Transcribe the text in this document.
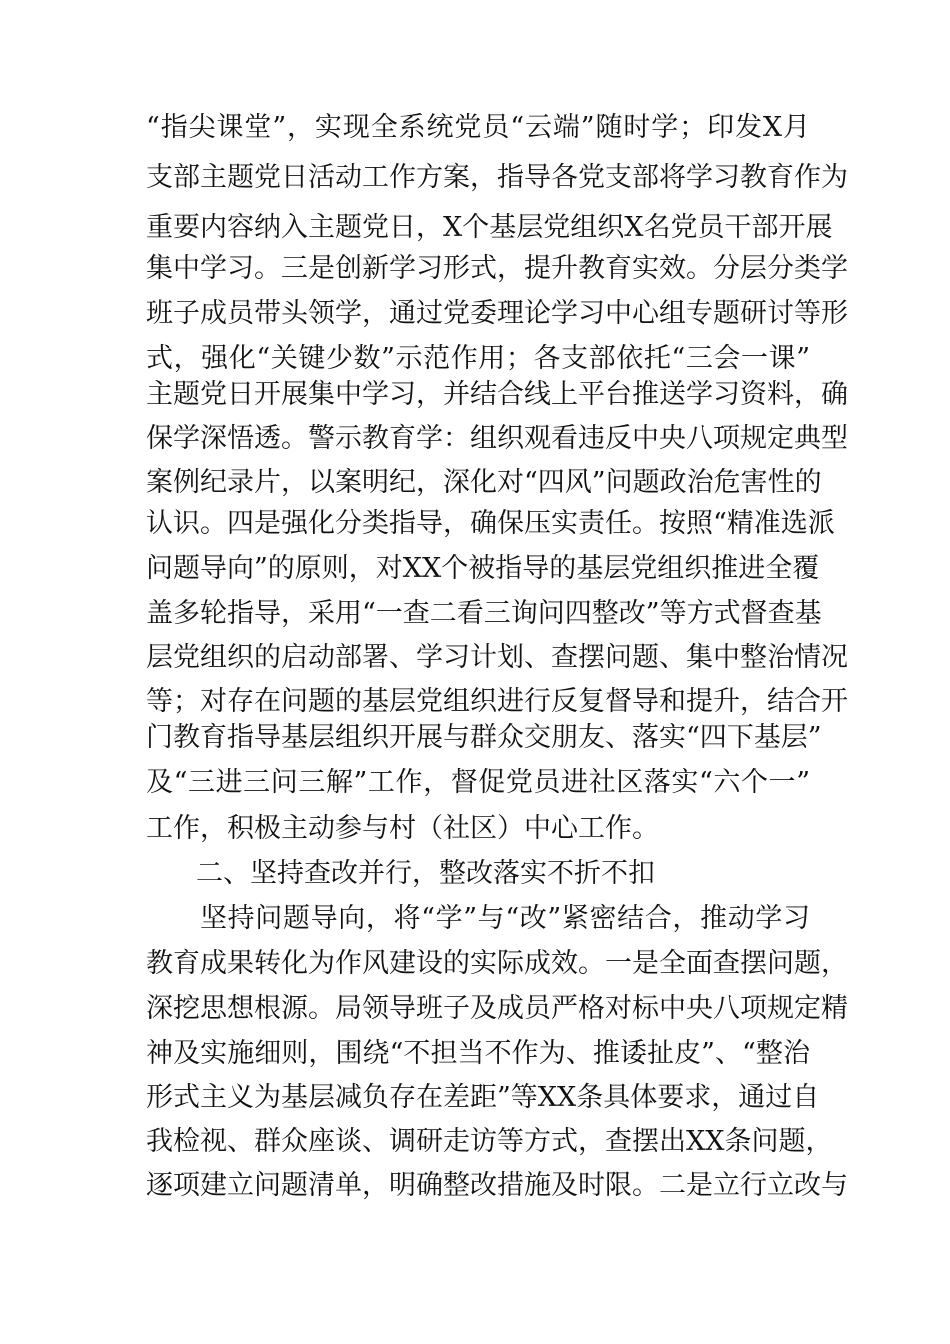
“指尖课堂”，实现全系统党员“云端”随时学；印发X月
支部主题党日活动工作方案，指导各党支部将学习教育作为
重要内容纳入主题党日，X个基层党组织X名党员干部开展
集中学习。三是创新学习形式，提升教育实效。分层分类学
班子成员带头领学，通过党委理论学习中心组专题研讨等形
式，强化“关键少数”示范作用；各支部依托“三会一课”
主题党日开展集中学习，并结合线上平台推送学习资料，确
保学深悟透。警示教育学：组织观看违反中央八项规定典型
案例纪录片，以案明纪，深化对“四风”问题政治危害性的
认识。四是强化分类指导，确保压实责任。按照“精准选派
问题导向”的原则，对XX个被指导的基层党组织推进全覆
盖多轮指导，采用“一查二看三询问四整改”等方式督查基
层党组织的启动部署、学习计划、查摆问题、集中整治情况
等；对存在问题的基层党组织进行反复督导和提升，结合开
门教育指导基层组织开展与群众交朋友、落实“四下基层”
及“三进三问三解”工作，督促党员进社区落实“六个一”
工作，积极主动参与村（社区）中心工作。
二、坚持查改并行，整改落实不折不扣
坚持问题导向，将“学”与“改”紧密结合，推动学习
教育成果转化为作风建设的实际成效。一是全面查摆问题，
深挖思想根源。局领导班子及成员严格对标中央八项规定精
神及实施细则，围绕“不担当不作为、推诿扯皮”、“整治
形式主义为基层减负存在差距”等XX条具体要求，通过自
我检视、群众座谈、调研走访等方式，查摆出XX条问题，
逐项建立问题清单，明确整改措施及时限。二是立行立改与
